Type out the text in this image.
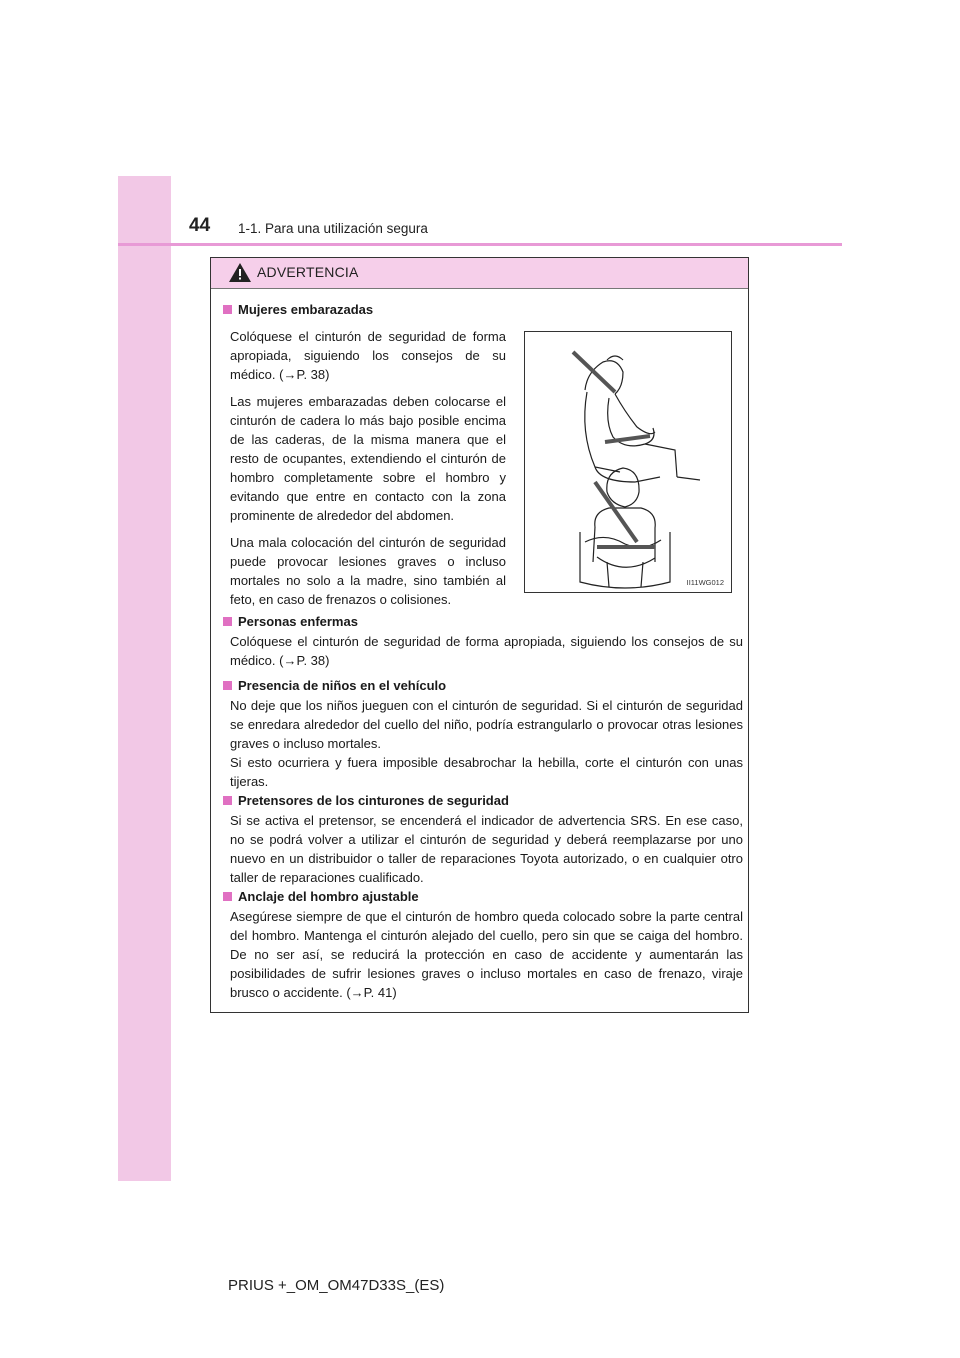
44 1-1. Para una utilización segura
ADVERTENCIA
Mujeres embarazadas

Colóquese el cinturón de seguridad de forma apropiada, siguiendo los consejos de su médico. (→P. 38)

Las mujeres embarazadas deben colocarse el cinturón de cadera lo más bajo posible encima de las caderas, de la misma manera que el resto de ocupantes, extendiendo el cinturón de hombro completamente sobre el hombro y evitando que entre en contacto con la zona prominente de alrededor del abdomen.

Una mala colocación del cinturón de seguridad puede provocar lesiones graves o incluso mortales no solo a la madre, sino también al feto, en caso de frenazos o colisiones.

II11WG012
Personas enfermas

Colóquese el cinturón de seguridad de forma apropiada, siguiendo los consejos de su médico. (→P. 38)

Presencia de niños en el vehículo

No deje que los niños jueguen con el cinturón de seguridad. Si el cinturón de seguridad se enredara alrededor del cuello del niño, podría estrangularlo o provocar otras lesiones graves o incluso mortales.

Si esto ocurriera y fuera imposible desabrochar la hebilla, corte el cinturón con unas tijeras.

Pretensores de los cinturones de seguridad

Si se activa el pretensor, se encenderá el indicador de advertencia SRS. En ese caso, no se podrá volver a utilizar el cinturón de seguridad y deberá reemplazarse por uno nuevo en un distribuidor o taller de reparaciones Toyota autorizado, o en cualquier otro taller de reparaciones cualificado.

Anclaje del hombro ajustable

Asegúrese siempre de que el cinturón de hombro queda colocado sobre la parte central del hombro. Mantenga el cinturón alejado del cuello, pero sin que se caiga del hombro. De no ser así, se reducirá la protección en caso de accidente y aumentarán las posibilidades de sufrir lesiones graves o incluso mortales en caso de frenazo, viraje brusco o accidente. (→P. 41)

PRIUS +_OM_OM47D33S_(ES)
